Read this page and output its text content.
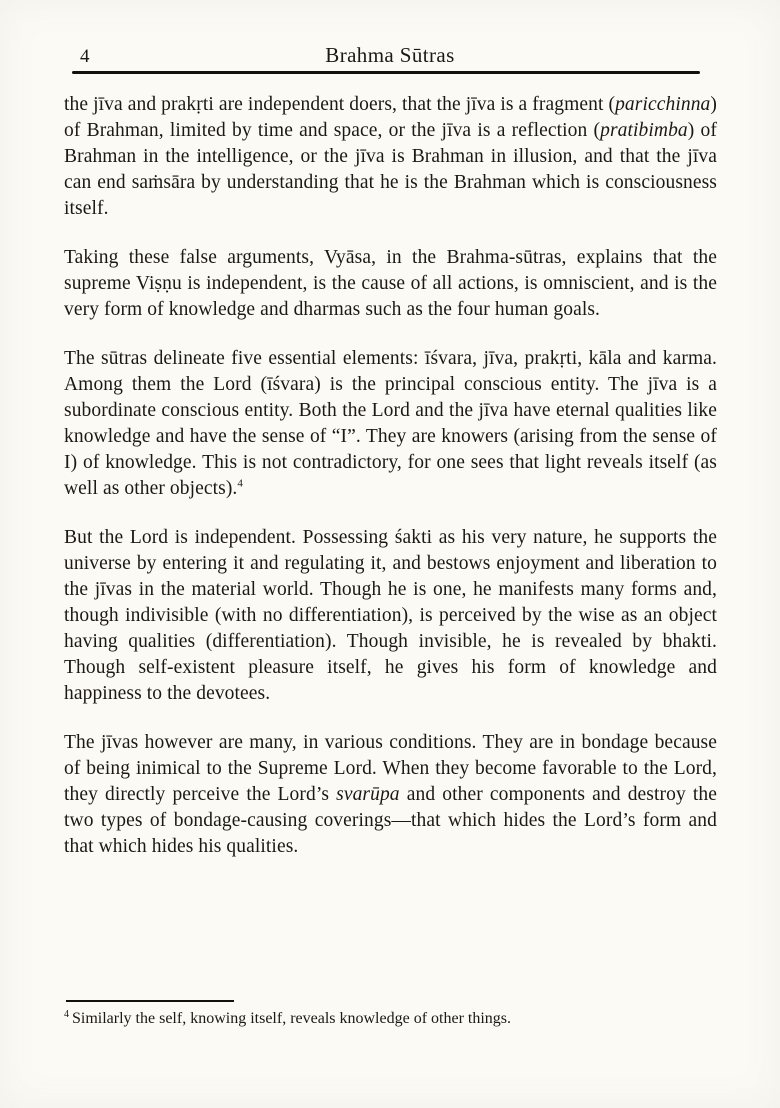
4	Brahma Sūtras

the jīva and prakṛti are independent doers, that the jīva is a fragment (paricchinna) of Brahman, limited by time and space, or the jīva is a reflection (pratibimba) of Brahman in the intelligence, or the jīva is Brahman in illusion, and that the jīva can end saṁsāra by understanding that he is the Brahman which is consciousness itself.

Taking these false arguments, Vyāsa, in the Brahma-sūtras, explains that the supreme Viṣṇu is independent, is the cause of all actions, is omniscient, and is the very form of knowledge and dharmas such as the four human goals.

The sūtras delineate five essential elements: īśvara, jīva, prakṛti, kāla and karma. Among them the Lord (īśvara) is the principal conscious entity. The jīva is a subordinate conscious entity. Both the Lord and the jīva have eternal qualities like knowledge and have the sense of “I”. They are knowers (arising from the sense of I) of knowledge. This is not contradictory, for one sees that light reveals itself (as well as other objects).$^4$

But the Lord is independent. Possessing śakti as his very nature, he supports the universe by entering it and regulating it, and bestows enjoyment and liberation to the jīvas in the material world. Though he is one, he manifests many forms and, though indivisible (with no differentiation), is perceived by the wise as an object having qualities (differentiation). Though invisible, he is revealed by bhakti. Though self-existent pleasure itself, he gives his form of knowledge and happiness to the devotees.

The jīvas however are many, in various conditions. They are in bondage because of being inimical to the Supreme Lord. When they become favorable to the Lord, they directly perceive the Lord’s svarūpa and other components and destroy the two types of bondage-causing coverings—that which hides the Lord’s form and that which hides his qualities.

$^4$ Similarly the self, knowing itself, reveals knowledge of other things.
